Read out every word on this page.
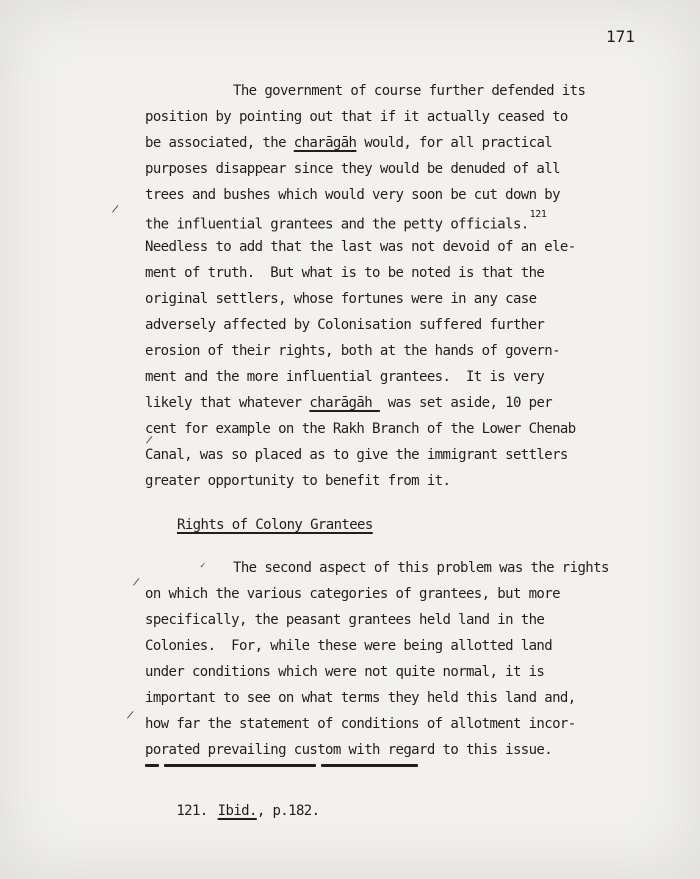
171
The government of course further defended its
position by pointing out that if it actually ceased to
be associated, the charāgāh would, for all practical
purposes disappear since they would be denuded of all
trees and bushes which would very soon be cut down by
the influential grantees and the petty officials.$^{121}$
Needless to add that the last was not devoid of an ele-
ment of truth.  But what is to be noted is that the
original settlers, whose fortunes were in any case
adversely affected by Colonisation suffered further
erosion of their rights, both at the hands of govern-
ment and the more influential grantees.  It is very
likely that whatever charāgāh  was set aside, 10 per
cent for example on the Rakh Branch of the Lower Chenab
Canal, was so placed as to give the immigrant settlers
greater opportunity to benefit from it.
Rights of Colony Grantees
The second aspect of this problem was the rights
on which the various categories of grantees, but more
specifically, the peasant grantees held land in the
Colonies.  For, while these were being allotted land
under conditions which were not quite normal, it is
important to see on what terms they held this land and,
how far the statement of conditions of allotment incor-
porated prevailing custom with regard to this issue.
/
/
✓
/
/

121. Ibid., p.182.
